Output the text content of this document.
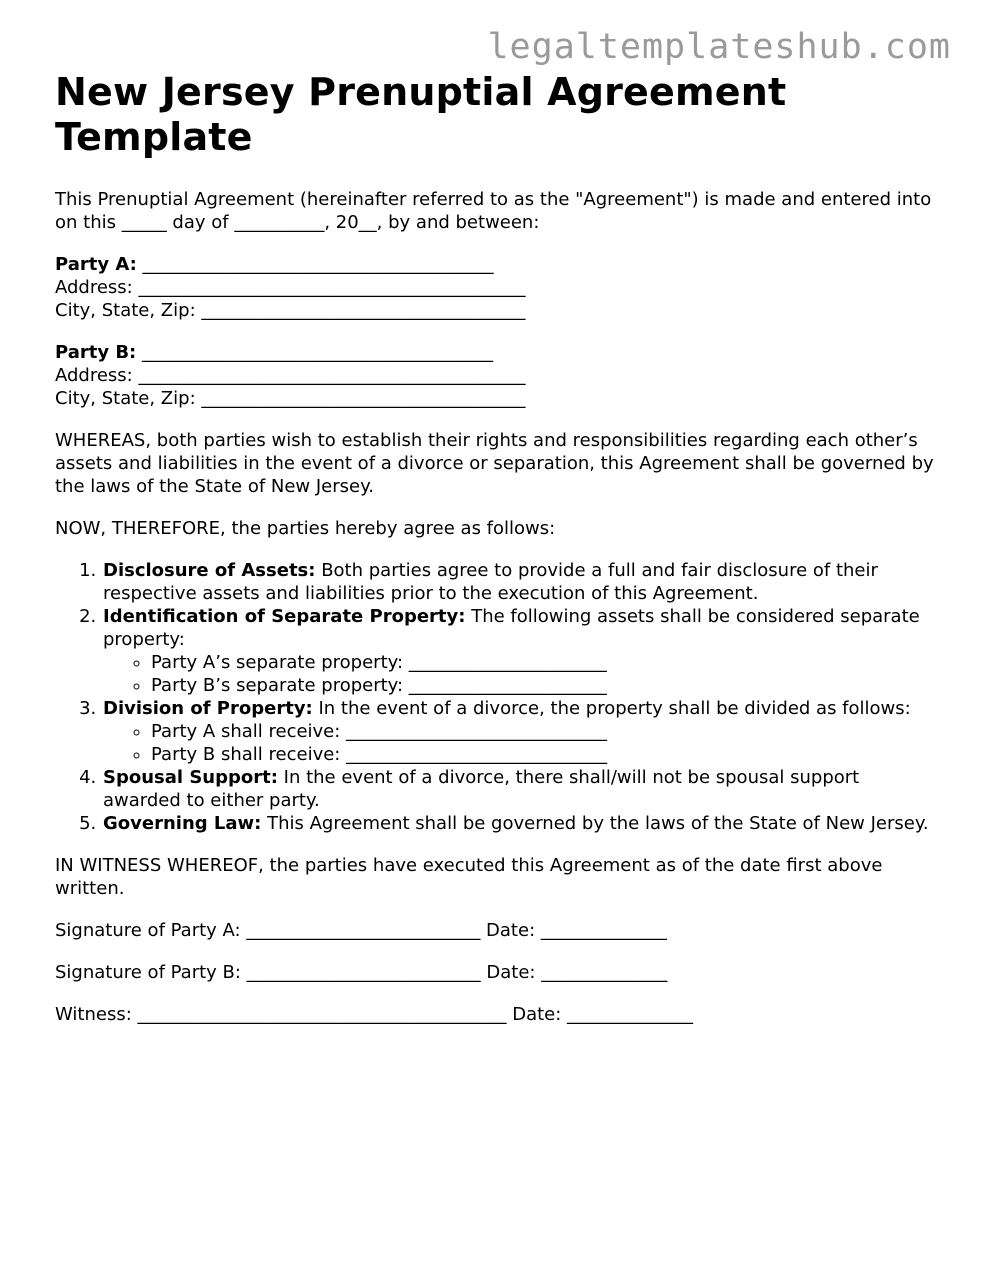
legaltemplateshub.com
New Jersey Prenuptial Agreement Template

This Prenuptial Agreement (hereinafter referred to as the "Agreement") is made and entered into on this _____ day of __________, 20__, by and between:

Party A: _______________________________________
Address: ___________________________________________
City, State, Zip: ____________________________________
Party B: _______________________________________
Address: ___________________________________________
City, State, Zip: ____________________________________

WHEREAS, both parties wish to establish their rights and responsibilities regarding each other’s assets and liabilities in the event of a divorce or separation, this Agreement shall be governed by the laws of the State of New Jersey.

NOW, THEREFORE, the parties hereby agree as follows:

1. Disclosure of Assets: Both parties agree to provide a full and fair disclosure of their respective assets and liabilities prior to the execution of this Agreement.
2. Identification of Separate Property: The following assets shall be considered separate property:
◦ Party A’s separate property: ______________________
◦ Party B’s separate property: ______________________
3. Division of Property: In the event of a divorce, the property shall be divided as follows:
◦ Party A shall receive: _____________________________
◦ Party B shall receive: _____________________________
4. Spousal Support: In the event of a divorce, there shall/will not be spousal support awarded to either party.
5. Governing Law: This Agreement shall be governed by the laws of the State of New Jersey.

IN WITNESS WHEREOF, the parties have executed this Agreement as of the date first above written.

Signature of Party A: __________________________ Date: ______________
Signature of Party B: __________________________ Date: ______________
Witness: _________________________________________ Date: ______________
